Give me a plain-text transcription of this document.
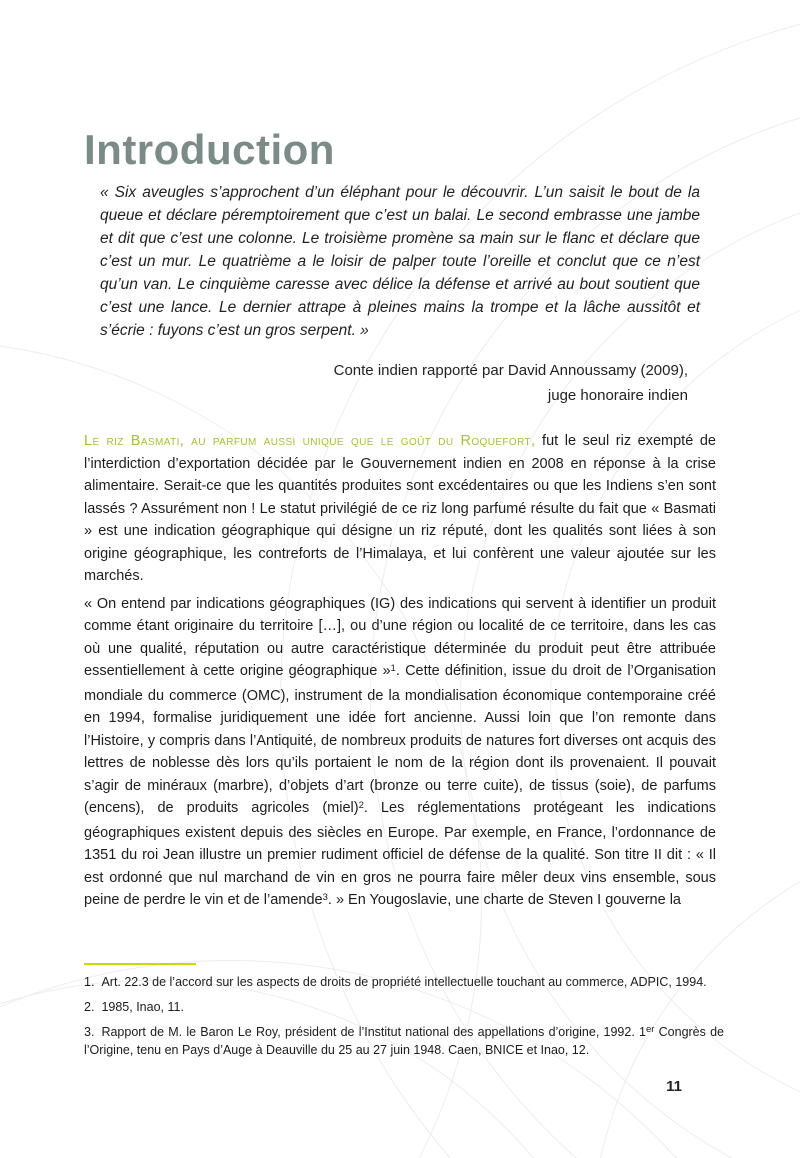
Introduction
« Six aveugles s’approchent d’un éléphant pour le découvrir. L’un saisit le bout de la queue et déclare péremptoirement que c’est un balai. Le second embrasse une jambe et dit que c’est une colonne. Le troisième promène sa main sur le flanc et déclare que c’est un mur. Le quatrième a le loisir de palper toute l’oreille et conclut que ce n’est qu’un van. Le cinquième caresse avec délice la défense et arrivé au bout soutient que c’est une lance. Le dernier attrape à pleines mains la trompe et la lâche aussitôt et s’écrie : fuyons c’est un gros serpent. »
Conte indien rapporté par David Annoussamy (2009),
juge honoraire indien

Le riz Basmati, au parfum aussi unique que le goût du Roquefort, fut le seul riz exempté de l’interdiction d’exportation décidée par le Gouvernement indien en 2008 en réponse à la crise alimentaire. Serait-ce que les quantités produites sont excédentaires ou que les Indiens s’en sont lassés ? Assurément non ! Le statut privilégié de ce riz long parfumé résulte du fait que « Basmati » est une indication géographique qui désigne un riz réputé, dont les qualités sont liées à son origine géographique, les contreforts de l’Himalaya, et lui confèrent une valeur ajoutée sur les marchés.

« On entend par indications géographiques (IG) des indications qui servent à identifier un produit comme étant originaire du territoire […], ou d’une région ou localité de ce territoire, dans les cas où une qualité, réputation ou autre caractéristique déterminée du produit peut être attribuée essentiellement à cette origine géographique »$^1$. Cette définition, issue du droit de l’Organisation mondiale du commerce (OMC), instrument de la mondialisation économique contemporaine créé en 1994, formalise juridiquement une idée fort ancienne. Aussi loin que l’on remonte dans l’Histoire, y compris dans l’Antiquité, de nombreux produits de natures fort diverses ont acquis des lettres de noblesse dès lors qu’ils portaient le nom de la région dont ils provenaient. Il pouvait s’agir de minéraux (marbre), d’objets d’art (bronze ou terre cuite), de tissus (soie), de parfums (encens), de produits agricoles (miel)$^2$. Les réglementations protégeant les indications géographiques existent depuis des siècles en Europe. Par exemple, en France, l’ordonnance de 1351 du roi Jean illustre un premier rudiment officiel de défense de la qualité. Son titre II dit : « Il est ordonné que nul marchand de vin en gros ne pourra faire mêler deux vins ensemble, sous peine de perdre le vin et de l’amende$^3$. » En Yougoslavie, une charte de Steven I gouverne la

1. Art. 22.3 de l’accord sur les aspects de droits de propriété intellectuelle touchant au commerce, ADPIC, 1994.

2. 1985, Inao, 11.

3. Rapport de M. le Baron Le Roy, président de l’Institut national des appellations d’origine, 1992. 1er Congrès de l’Origine, tenu en Pays d’Auge à Deauville du 25 au 27 juin 1948. Caen, BNICE et Inao, 12.

11
